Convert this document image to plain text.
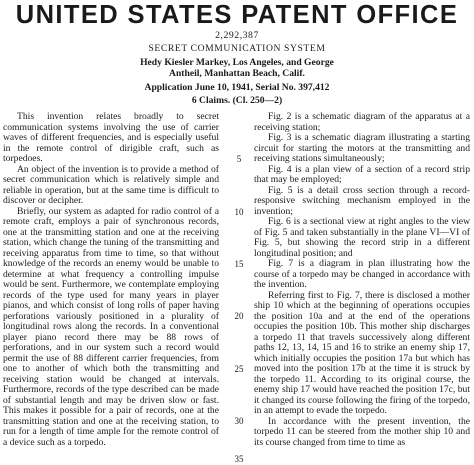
UNITED STATES PATENT OFFICE
2,292,387
SECRET COMMUNICATION SYSTEM
Hedy Kiesler Markey, Los Angeles, and George
Antheil, Manhattan Beach, Calif.
Application June 10, 1941, Serial No. 397,412
6 Claims. (Cl. 250—2)

This invention relates broadly to secret communication systems involving the use of carrier waves of different frequencies, and is especially useful in the remote control of dirigible craft, such as torpedoes.

An object of the invention is to provide a method of secret communication which is relatively simple and reliable in operation, but at the same time is difficult to discover or decipher.

Briefly, our system as adapted for radio control of a remote craft, employs a pair of synchronous records, one at the transmitting station and one at the receiving station, which change the tuning of the transmitting and receiving apparatus from time to time, so that without knowledge of the records an enemy would be unable to determine at what frequency a controlling impulse would be sent. Furthermore, we contemplate employing records of the type used for many years in player pianos, and which consist of long rolls of paper having perforations variously positioned in a plurality of longitudinal rows along the records. In a conventional player piano record there may be 88 rows of perforations, and in our system such a record would permit the use of 88 different carrier frequencies, from one to another of which both the transmitting and receiving station would be changed at intervals. Furthermore, records of the type described can be made of substantial length and may be driven slow or fast. This makes it possible for a pair of records, one at the transmitting station and one at the receiving station, to run for a length of time ample for the remote control of a device such as a torpedo.

5
10
15
20
25
30
35

Fig. 2 is a schematic diagram of the apparatus at a receiving station;

Fig. 3 is a schematic diagram illustrating a starting circuit for starting the motors at the transmitting and receiving stations simultaneously;

Fig. 4 is a plan view of a section of a record strip that may be employed;

Fig. 5 is a detail cross section through a record-responsive switching mechanism employed in the invention;

Fig. 6 is a sectional view at right angles to the view of Fig. 5 and taken substantially in the plane VI—VI of Fig. 5, but showing the record strip in a different longitudinal position; and

Fig. 7 is a diagram in plan illustrating how the course of a torpedo may be changed in accordance with the invention.

Referring first to Fig. 7, there is disclosed a mother ship 10 which at the beginning of operations occupies the position 10a and at the end of the operations occupies the position 10b. This mother ship discharges a torpedo 11 that travels successively along different paths 12, 13, 14, 15 and 16 to strike an enemy ship 17, which initially occupies the position 17a but which has moved into the position 17b at the time it is struck by the torpedo 11. According to its original course, the enemy ship 17 would have reached the position 17c, but it changed its course following the firing of the torpedo, in an attempt to evade the torpedo.

In accordance with the present invention, the torpedo 11 can be steered from the mother ship 10 and its course changed from time to time as
